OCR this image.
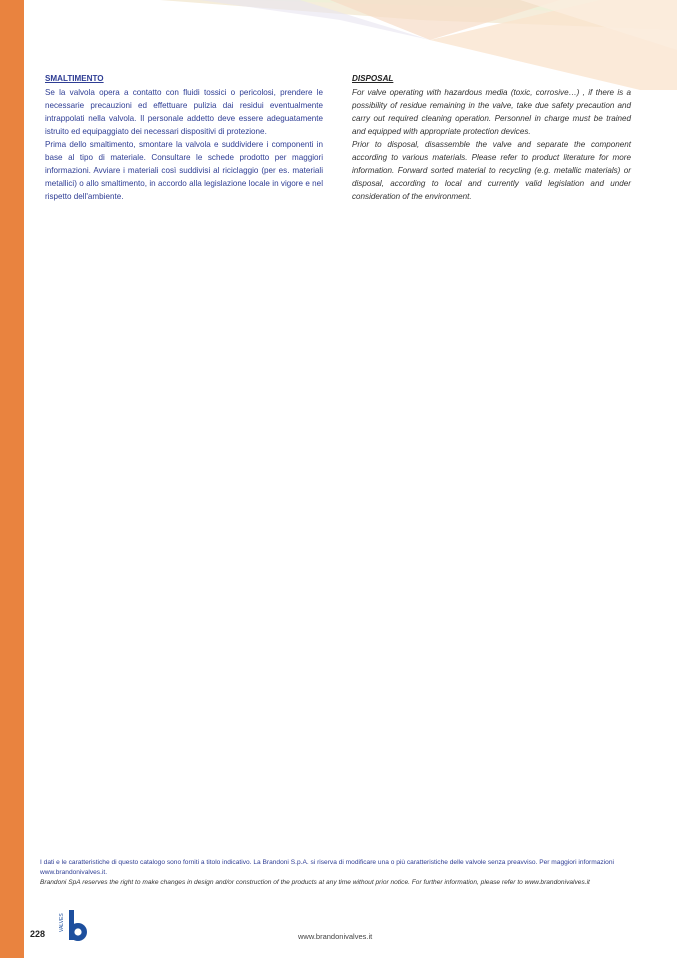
SMALTIMENTO

Se la valvola opera a contatto con fluidi tossici o pericolosi, prendere le necessarie precauzioni ed effettuare pulizia dai residui eventualmente intrappolati nella valvola. Il personale addetto deve essere adeguatamente istruito ed equipaggiato dei necessari dispositivi di protezione.

Prima dello smaltimento, smontare la valvola e suddividere i componenti in base al tipo di materiale. Consultare le schede prodotto per maggiori informazioni. Avviare i materiali così suddivisi al riciclaggio (per es. materiali metallici) o allo smaltimento, in accordo alla legislazione locale in vigore e nel rispetto dell'ambiente.

DISPOSAL

For valve operating with hazardous media (toxic, corrosive…) , if there is a possibility of residue remaining in the valve, take due safety precaution and carry out required cleaning operation. Personnel in charge must be trained and equipped with appropriate protection devices.

Prior to disposal, disassemble the valve and separate the component according to various materials. Please refer to product literature for more information. Forward sorted material to recycling (e.g. metallic materials) or disposal, according to local and currently valid legislation and under consideration of the environment.

I dati e le caratteristiche di questo catalogo sono forniti a titolo indicativo. La Brandoni S.p.A. si riserva di modificare una o più caratteristiche delle valvole senza preavviso. Per maggiori informazioni www.brandonivalves.it.
Brandoni SpA reserves the right to make changes in design and/or construction of the products at any time without prior notice. For further information, please refer to www.brandonivalves.it
228
VALVES
www.brandonivalves.it
